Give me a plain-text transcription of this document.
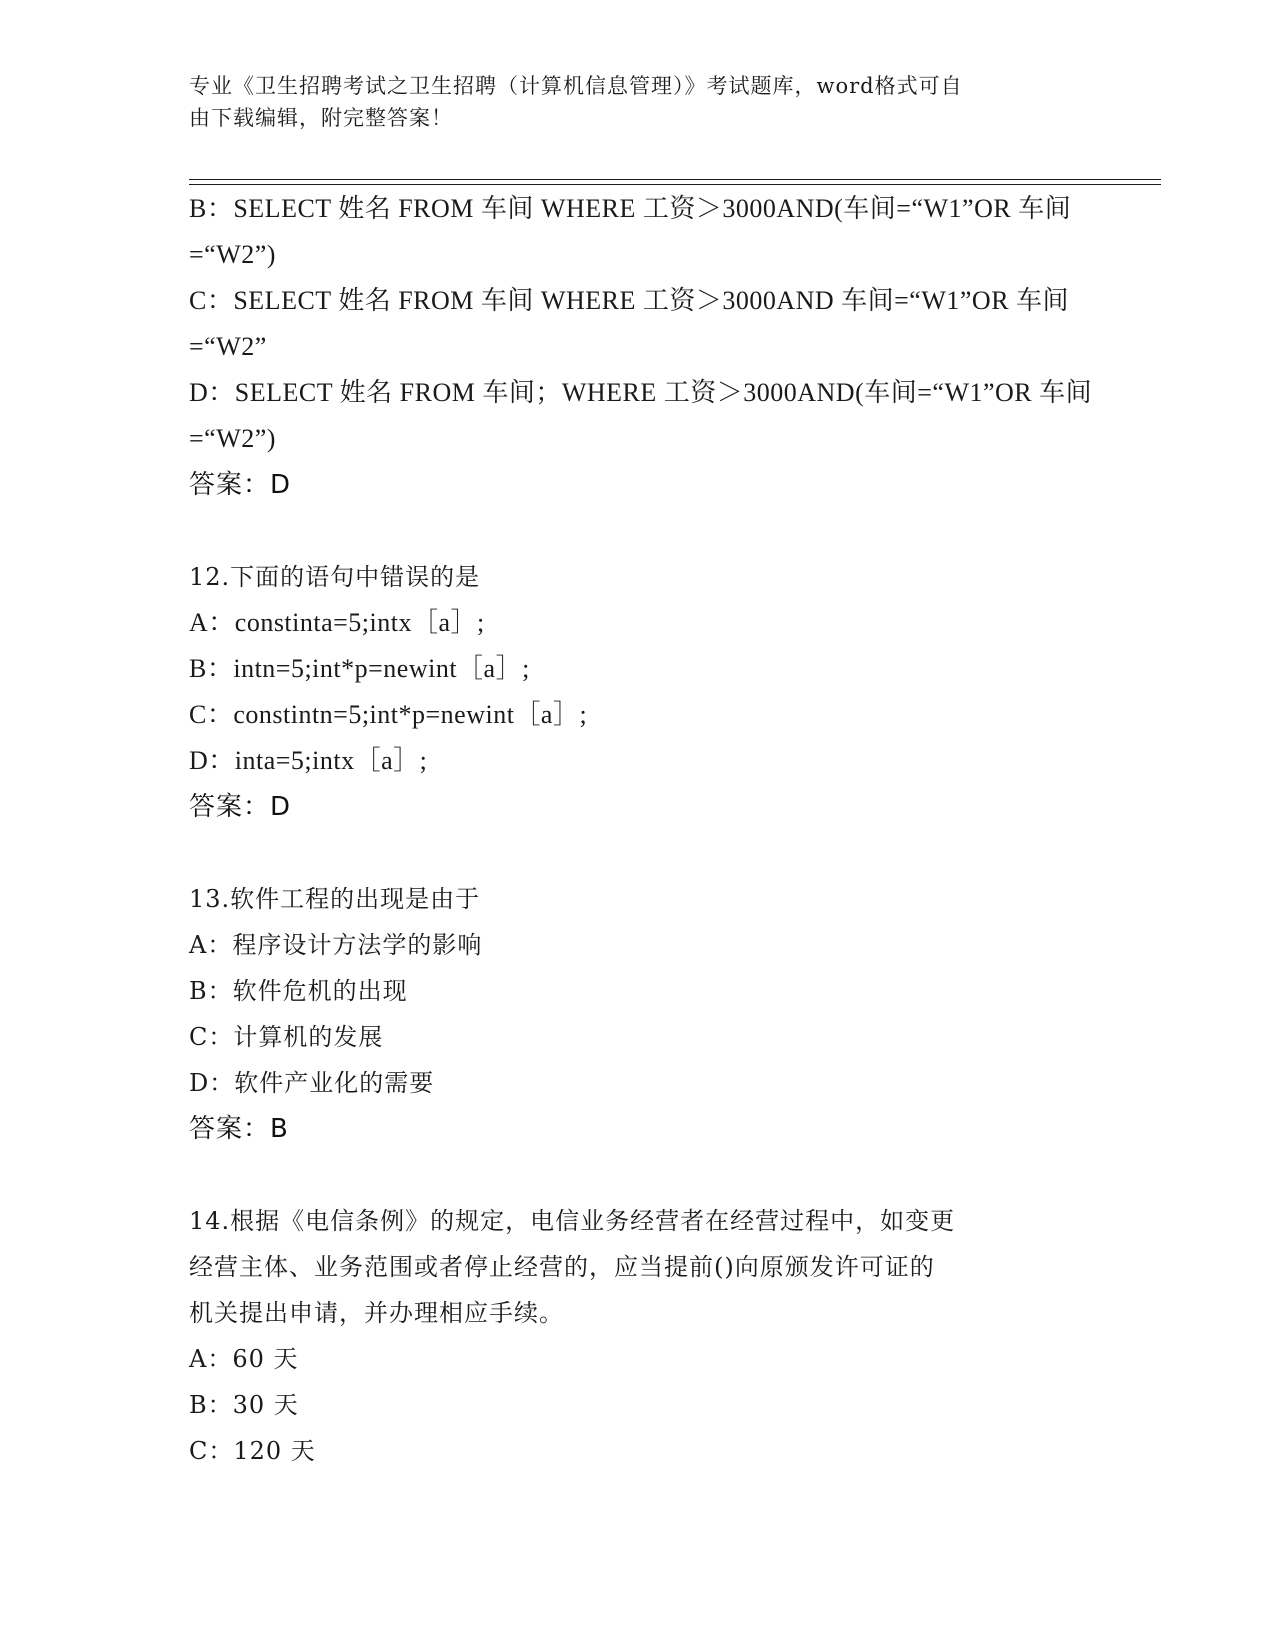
专业《卫生招聘考试之卫生招聘（计算机信息管理）》考试题库，word格式可自
由下载编辑，附完整答案！
B：SELECT 姓名 FROM 车间 WHERE 工资＞3000AND(车间=“W1”OR 车间
=“W2”)
C：SELECT 姓名 FROM 车间 WHERE 工资＞3000AND 车间=“W1”OR 车间
=“W2”
D：SELECT 姓名 FROM 车间；WHERE 工资＞3000AND(车间=“W1”OR 车间
=“W2”)
答案：D
12.下面的语句中错误的是
A：constinta=5;intx［a］;
B：intn=5;int*p=newint［a］;
C：constintn=5;int*p=newint［a］;
D：inta=5;intx［a］;
答案：D
13.软件工程的出现是由于
A：程序设计方法学的影响
B：软件危机的出现
C：计算机的发展
D：软件产业化的需要
答案：B
14.根据《电信条例》的规定，电信业务经营者在经营过程中，如变更
经营主体、业务范围或者停止经营的，应当提前()向原颁发许可证的
机关提出申请，并办理相应手续。
A：60 天
B：30 天
C：120 天
